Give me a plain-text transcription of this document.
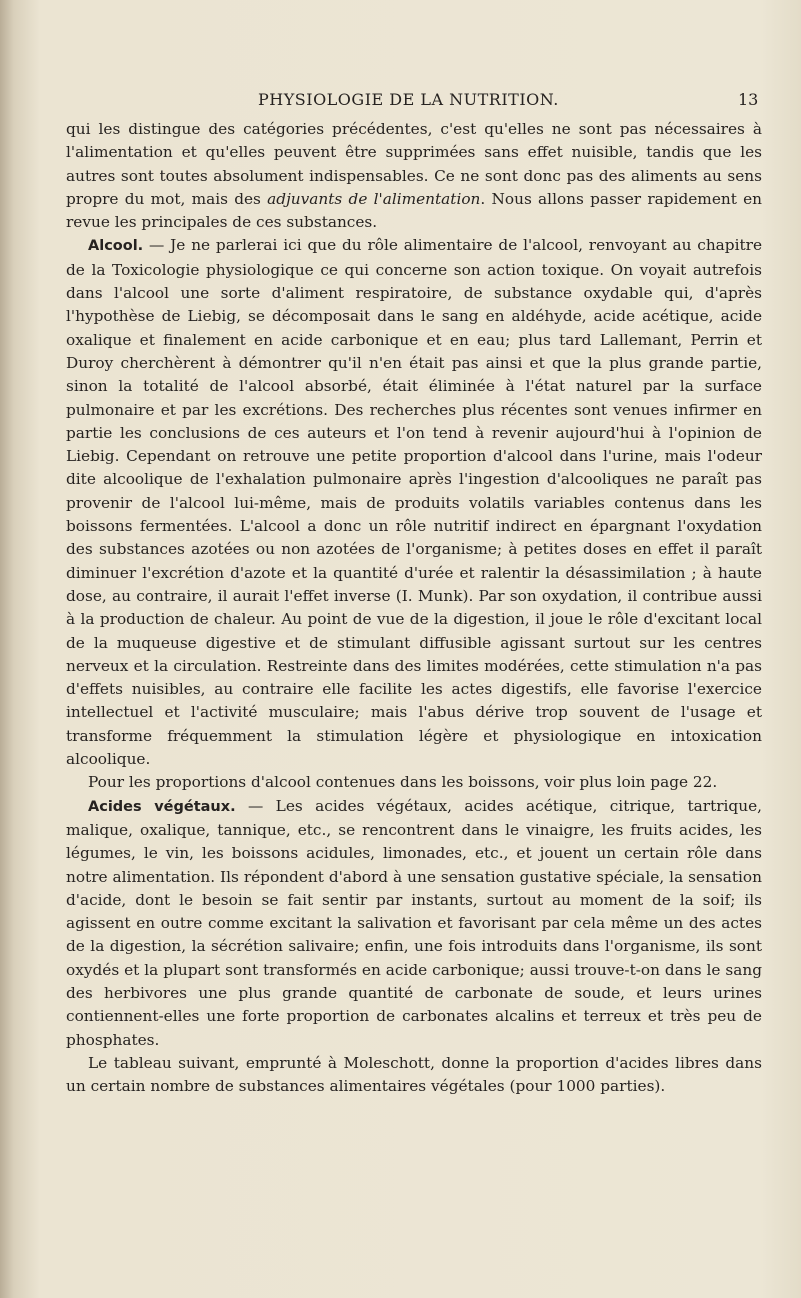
PHYSIOLOGIE DE LA NUTRITION.	13

qui les distingue des catégories précédentes, c'est qu'elles ne sont pas nécessaires à l'alimentation et qu'elles peuvent être supprimées sans effet nuisible, tandis que les autres sont toutes absolument indispensables. Ce ne sont donc pas des aliments au sens propre du mot, mais des adjuvants de l'alimentation. Nous allons passer rapidement en revue les principales de ces substances.

Alcool. — Je ne parlerai ici que du rôle alimentaire de l'alcool, renvoyant au chapitre de la Toxicologie physiologique ce qui concerne son action toxique. On voyait autrefois dans l'alcool une sorte d'aliment respiratoire, de substance oxydable qui, d'après l'hypothèse de Liebig, se décomposait dans le sang en aldéhyde, acide acétique, acide oxalique et finalement en acide carbonique et en eau; plus tard Lallemant, Perrin et Duroy cherchèrent à démontrer qu'il n'en était pas ainsi et que la plus grande partie, sinon la totalité de l'alcool absorbé, était éliminée à l'état naturel par la surface pulmonaire et par les excrétions. Des recherches plus récentes sont venues infirmer en partie les conclusions de ces auteurs et l'on tend à revenir aujourd'hui à l'opinion de Liebig. Cependant on retrouve une petite proportion d'alcool dans l'urine, mais l'odeur dite alcoolique de l'exhalation pulmonaire après l'ingestion d'alcooliques ne paraît pas provenir de l'alcool lui-même, mais de produits volatils variables contenus dans les boissons fermentées. L'alcool a donc un rôle nutritif indirect en épargnant l'oxydation des substances azotées ou non azotées de l'organisme; à petites doses en effet il paraît diminuer l'excrétion d'azote et la quantité d'urée et ralentir la désassimilation ; à haute dose, au contraire, il aurait l'effet inverse (I. Munk). Par son oxydation, il contribue aussi à la production de chaleur. Au point de vue de la digestion, il joue le rôle d'excitant local de la muqueuse digestive et de stimulant diffusible agissant surtout sur les centres nerveux et la circulation. Restreinte dans des limites modérées, cette stimulation n'a pas d'effets nuisibles, au contraire elle facilite les actes digestifs, elle favorise l'exercice intellectuel et l'activité musculaire; mais l'abus dérive trop souvent de l'usage et transforme fréquemment la stimulation légère et physiologique en intoxication alcoolique.

Pour les proportions d'alcool contenues dans les boissons, voir plus loin page 22.

Acides végétaux. — Les acides végétaux, acides acétique, citrique, tartrique, malique, oxalique, tannique, etc., se rencontrent dans le vinaigre, les fruits acides, les légumes, le vin, les boissons acidules, limonades, etc., et jouent un certain rôle dans notre alimentation. Ils répondent d'abord à une sensation gustative spéciale, la sensation d'acide, dont le besoin se fait sentir par instants, surtout au moment de la soif; ils agissent en outre comme excitant la salivation et favorisant par cela même un des actes de la digestion, la sécrétion salivaire; enfin, une fois introduits dans l'organisme, ils sont oxydés et la plupart sont transformés en acide carbonique; aussi trouve-t-on dans le sang des herbivores une plus grande quantité de carbonate de soude, et leurs urines contiennent-elles une forte proportion de carbonates alcalins et terreux et très peu de phosphates.

Le tableau suivant, emprunté à Moleschott, donne la proportion d'acides libres dans un certain nombre de substances alimentaires végétales (pour 1000 parties).
